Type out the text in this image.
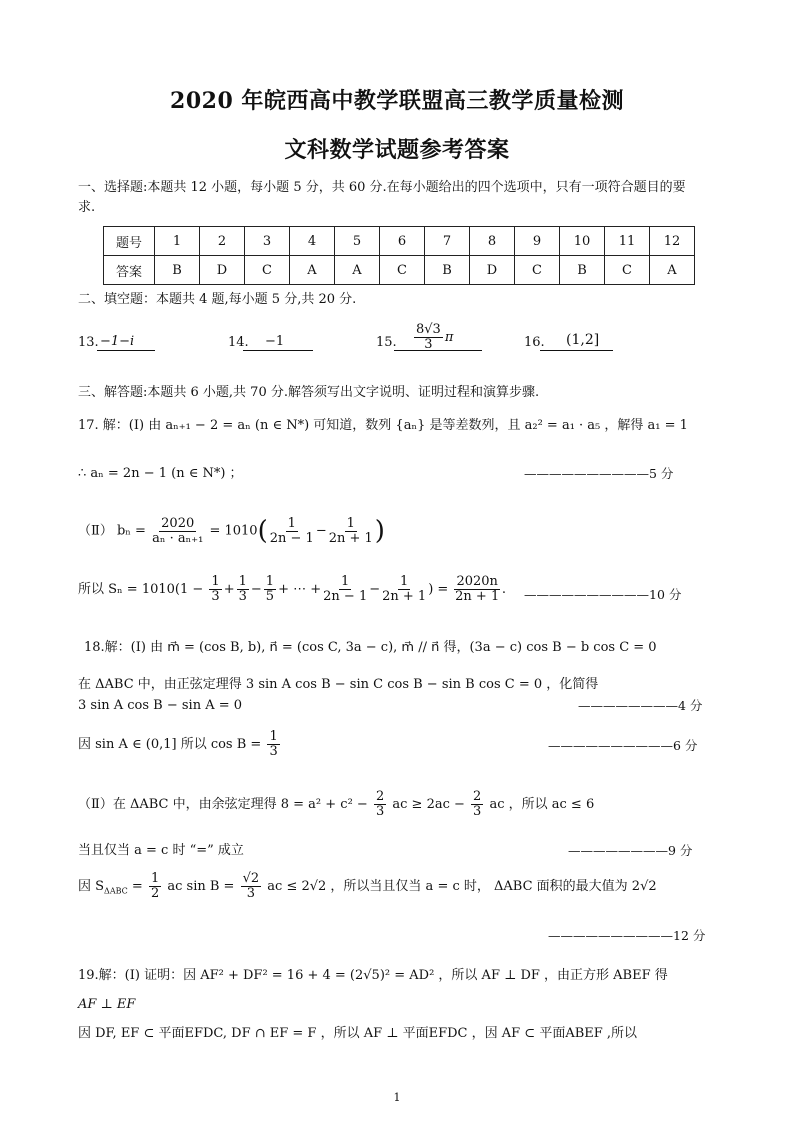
2020 年皖西高中教学联盟高三教学质量检测
文科数学试题参考答案
一、选择题:本题共 12 小题，每小题 5 分，共 60 分.在每小题给出的四个选项中，只有一项符合题目的要
求.
题号	1	2	3	4	5	6	7	8	9	10	11	12
答案	B	D	C	A	A	C	B	D	C	B	C	A
二、填空题：本题共 4 题,每小题 5 分,共 20 分.
13. −1−i	14. −1	15. $\frac{8√3}{3}$ π	16. (1,2]
三、解答题:本题共 6 小题,共 70 分.解答须写出文字说明、证明过程和演算步骤.
17. 解：(Ⅰ) 由 aₙ₊₁ − 2 = aₙ (n ∈ N*) 可知道，数列 {aₙ} 是等差数列，且 a₂² = a₁ · a₅ ，解得 a₁ = 1
∴ aₙ = 2n − 1 (n ∈ N*) ；	——————————5 分
（Ⅱ） $b_n = \frac{2020}{\text{aₙ · aₙ₊₁}} = 1010( \frac{1}{2n - 1} - \frac{1}{2n + 1}$ )
所以 $S_n = 1010(1 - \frac{1}{3} + \frac{1}{3} - \frac{1}{5}$ + ⋯ + $\frac{1}{2n - 1} - \frac{1}{2n + 1}$ ) = $\frac{2020n}{2n + 1}$ . ——————————10 分
18.解：(Ⅰ) 由 m⃗ = (cos B, b), n⃗ = (cos C, 3a − c), m⃗ // n⃗ 得，(3a − c) cos B − b cos C = 0
在 ΔABC 中，由正弦定理得 3 sin A cos B − sin C cos B − sin B cos C = 0 ，化简得
3 sin A cos B − sin A = 0	————————4 分
因 sin A ∈ (0,1] 所以 $\cos B = \frac{1}{3}$	——————————6 分
（Ⅱ）在 ΔABC 中，由余弦定理得 $8 = a^2 + c^2 - \frac{2}{3}$ ac ≥ $2ac - \frac{2}{3}$ ac ，所以 ac ≤ 6
当且仅当 a = c 时 “=” 成立	————————9 分
因 $S_{\Delta ABC} = \frac{1}{2}$ ac $\sin B = \frac{√2}{3}$ ac ≤ 2√2 ，所以当且仅当 a = c 时， ΔABC 面积的最大值为 2√2
——————————12 分
19.解：(Ⅰ) 证明：因 AF² + DF² = 16 + 4 = (2√5)² = AD² ，所以 AF ⊥ DF ，由正方形 ABEF 得
AF ⊥ EF
因 DF, EF ⊂ 平面EFDC, DF ∩ EF = F ，所以 AF ⊥ 平面EFDC ，因 AF ⊂ 平面ABEF ,所以
1
